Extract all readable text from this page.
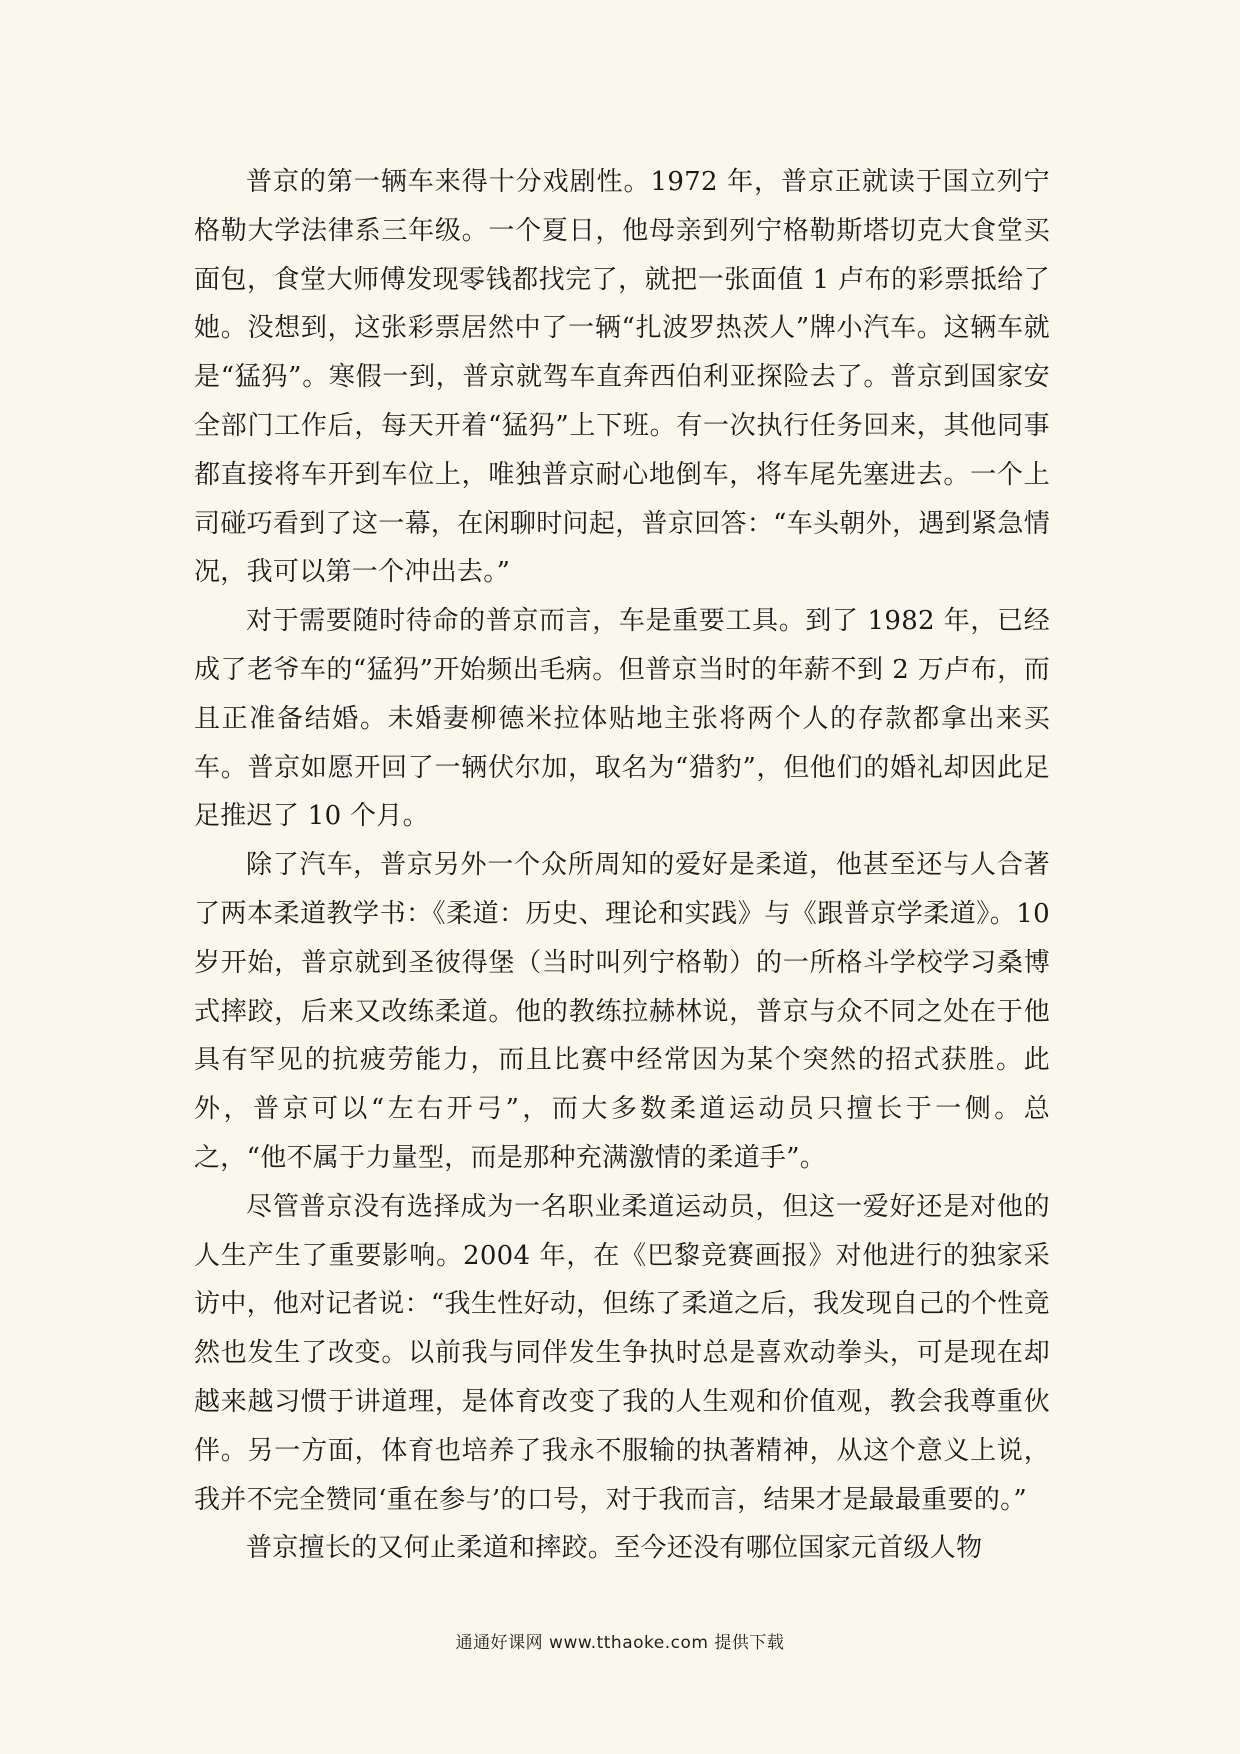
普京的第一辆车来得十分戏剧性。1972 年，普京正就读于国立列宁格勒大学法律系三年级。一个夏日，他母亲到列宁格勒斯塔切克大食堂买面包，食堂大师傅发现零钱都找完了，就把一张面值 1 卢布的彩票抵给了她。没想到，这张彩票居然中了一辆“扎波罗热茨人”牌小汽车。这辆车就是“猛犸”。寒假一到，普京就驾车直奔西伯利亚探险去了。普京到国家安全部门工作后，每天开着“猛犸”上下班。有一次执行任务回来，其他同事都直接将车开到车位上，唯独普京耐心地倒车，将车尾先塞进去。一个上司碰巧看到了这一幕，在闲聊时问起，普京回答：“车头朝外，遇到紧急情况，我可以第一个冲出去。”

对于需要随时待命的普京而言，车是重要工具。到了 1982 年，已经成了老爷车的“猛犸”开始频出毛病。但普京当时的年薪不到 2 万卢布，而且正准备结婚。未婚妻柳德米拉体贴地主张将两个人的存款都拿出来买车。普京如愿开回了一辆伏尔加，取名为“猎豹”，但他们的婚礼却因此足足推迟了 10 个月。

除了汽车，普京另外一个众所周知的爱好是柔道，他甚至还与人合著了两本柔道教学书：《柔道：历史、理论和实践》与《跟普京学柔道》。10 岁开始，普京就到圣彼得堡（当时叫列宁格勒）的一所格斗学校学习桑博式摔跤，后来又改练柔道。他的教练拉赫林说，普京与众不同之处在于他具有罕见的抗疲劳能力，而且比赛中经常因为某个突然的招式获胜。此外，普京可以“左右开弓”，而大多数柔道运动员只擅长于一侧。总之，“他不属于力量型，而是那种充满激情的柔道手”。

尽管普京没有选择成为一名职业柔道运动员，但这一爱好还是对他的人生产生了重要影响。2004 年，在《巴黎竞赛画报》对他进行的独家采访中，他对记者说：“我生性好动，但练了柔道之后，我发现自己的个性竟然也发生了改变。以前我与同伴发生争执时总是喜欢动拳头，可是现在却越来越习惯于讲道理，是体育改变了我的人生观和价值观，教会我尊重伙伴。另一方面，体育也培养了我永不服输的执著精神，从这个意义上说，我并不完全赞同‘重在参与’的口号，对于我而言，结果才是最最重要的。”

普京擅长的又何止柔道和摔跤。至今还没有哪位国家元首级人物

通通好课网 www.tthaoke.com 提供下载
